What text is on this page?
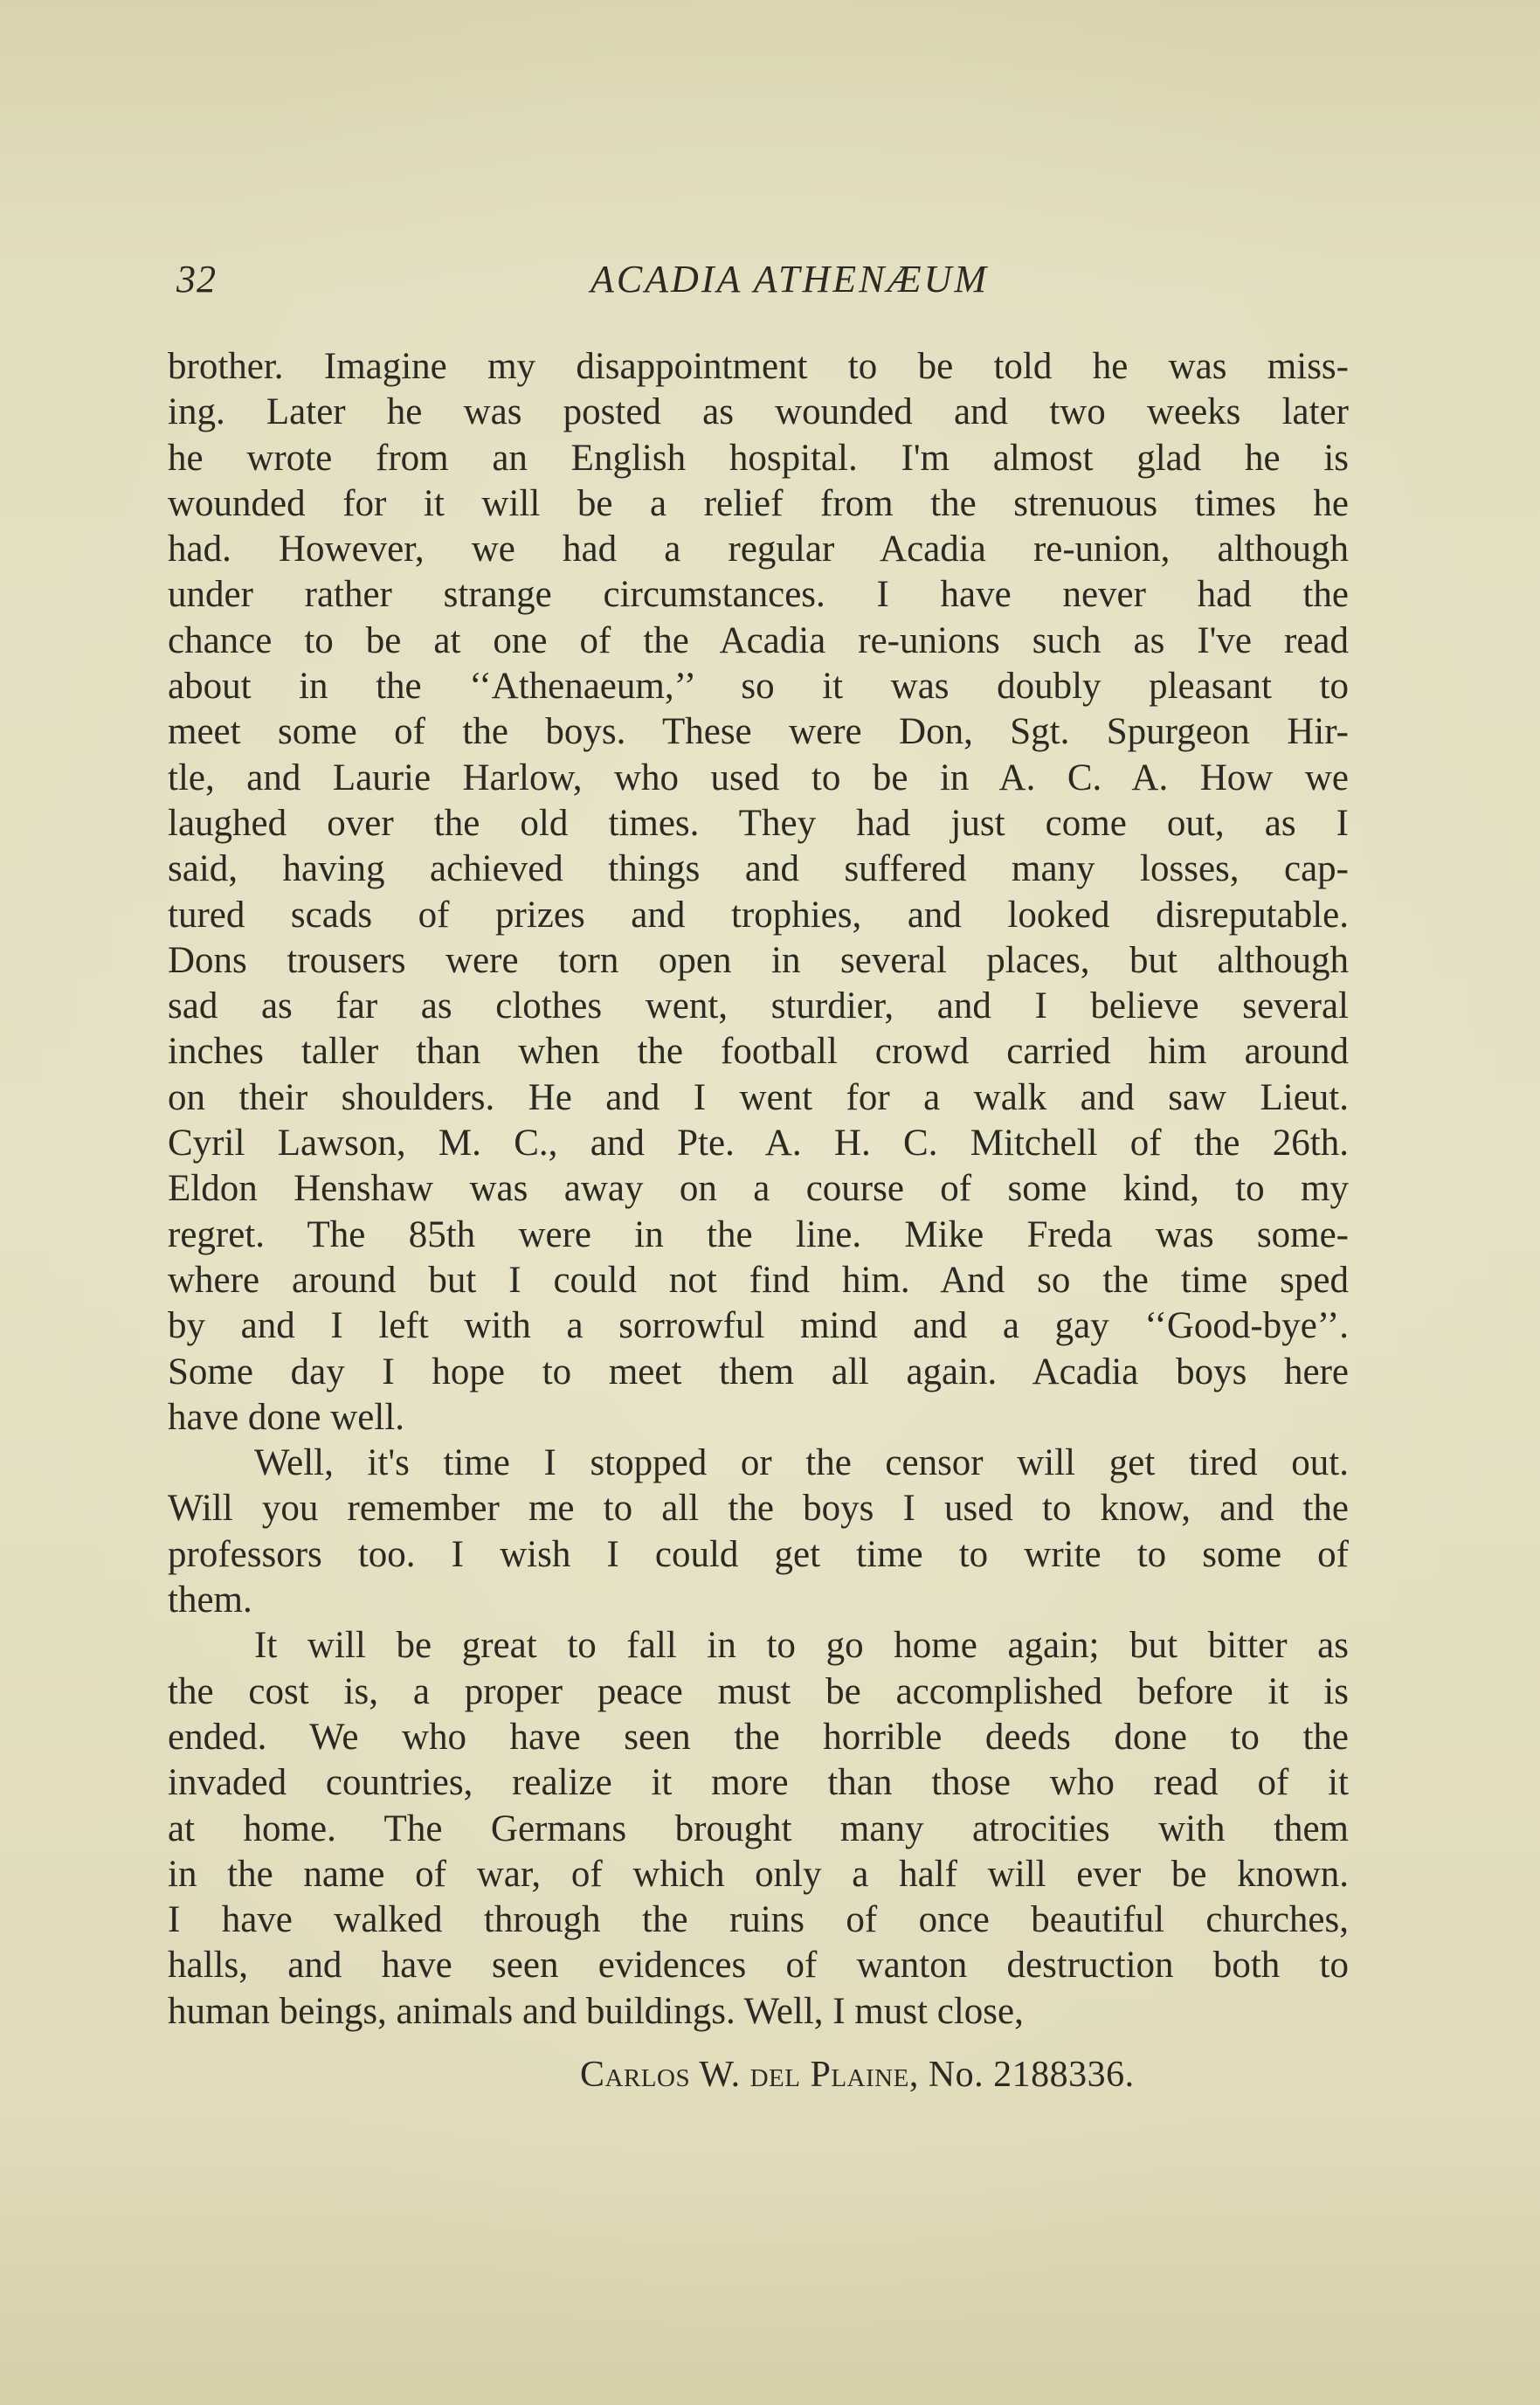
32	ACADIA ATHENÆUM
brother. Imagine my disappointment to be told he was miss-
ing. Later he was posted as wounded and two weeks later
he wrote from an English hospital. I'm almost glad he is
wounded for it will be a relief from the strenuous times he
had. However, we had a regular Acadia re-union, although
under rather strange circumstances. I have never had the
chance to be at one of the Acadia re-unions such as I've read
about in the ‘‘Athenaeum,’’ so it was doubly pleasant to
meet some of the boys. These were Don, Sgt. Spurgeon Hir-
tle, and Laurie Harlow, who used to be in A. C. A. How we
laughed over the old times. They had just come out, as I
said, having achieved things and suffered many losses, cap-
tured scads of prizes and trophies, and looked disreputable.
Dons trousers were torn open in several places, but although
sad as far as clothes went, sturdier, and I believe several
inches taller than when the football crowd carried him around
on their shoulders. He and I went for a walk and saw Lieut.
Cyril Lawson, M. C., and Pte. A. H. C. Mitchell of the 26th.
Eldon Henshaw was away on a course of some kind, to my
regret. The 85th were in the line. Mike Freda was some-
where around but I could not find him. And so the time sped
by and I left with a sorrowful mind and a gay ‘‘Good-bye’’.
Some day I hope to meet them all again. Acadia boys here
have done well.
Well, it's time I stopped or the censor will get tired out.
Will you remember me to all the boys I used to know, and the
professors too. I wish I could get time to write to some of
them.
It will be great to fall in to go home again; but bitter as
the cost is, a proper peace must be accomplished before it is
ended. We who have seen the horrible deeds done to the
invaded countries, realize it more than those who read of it
at home. The Germans brought many atrocities with them
in the name of war, of which only a half will ever be known.
I have walked through the ruins of once beautiful churches,
halls, and have seen evidences of wanton destruction both to
human beings, animals and buildings. Well, I must close,
Carlos W. del Plaine, No. 2188336.
